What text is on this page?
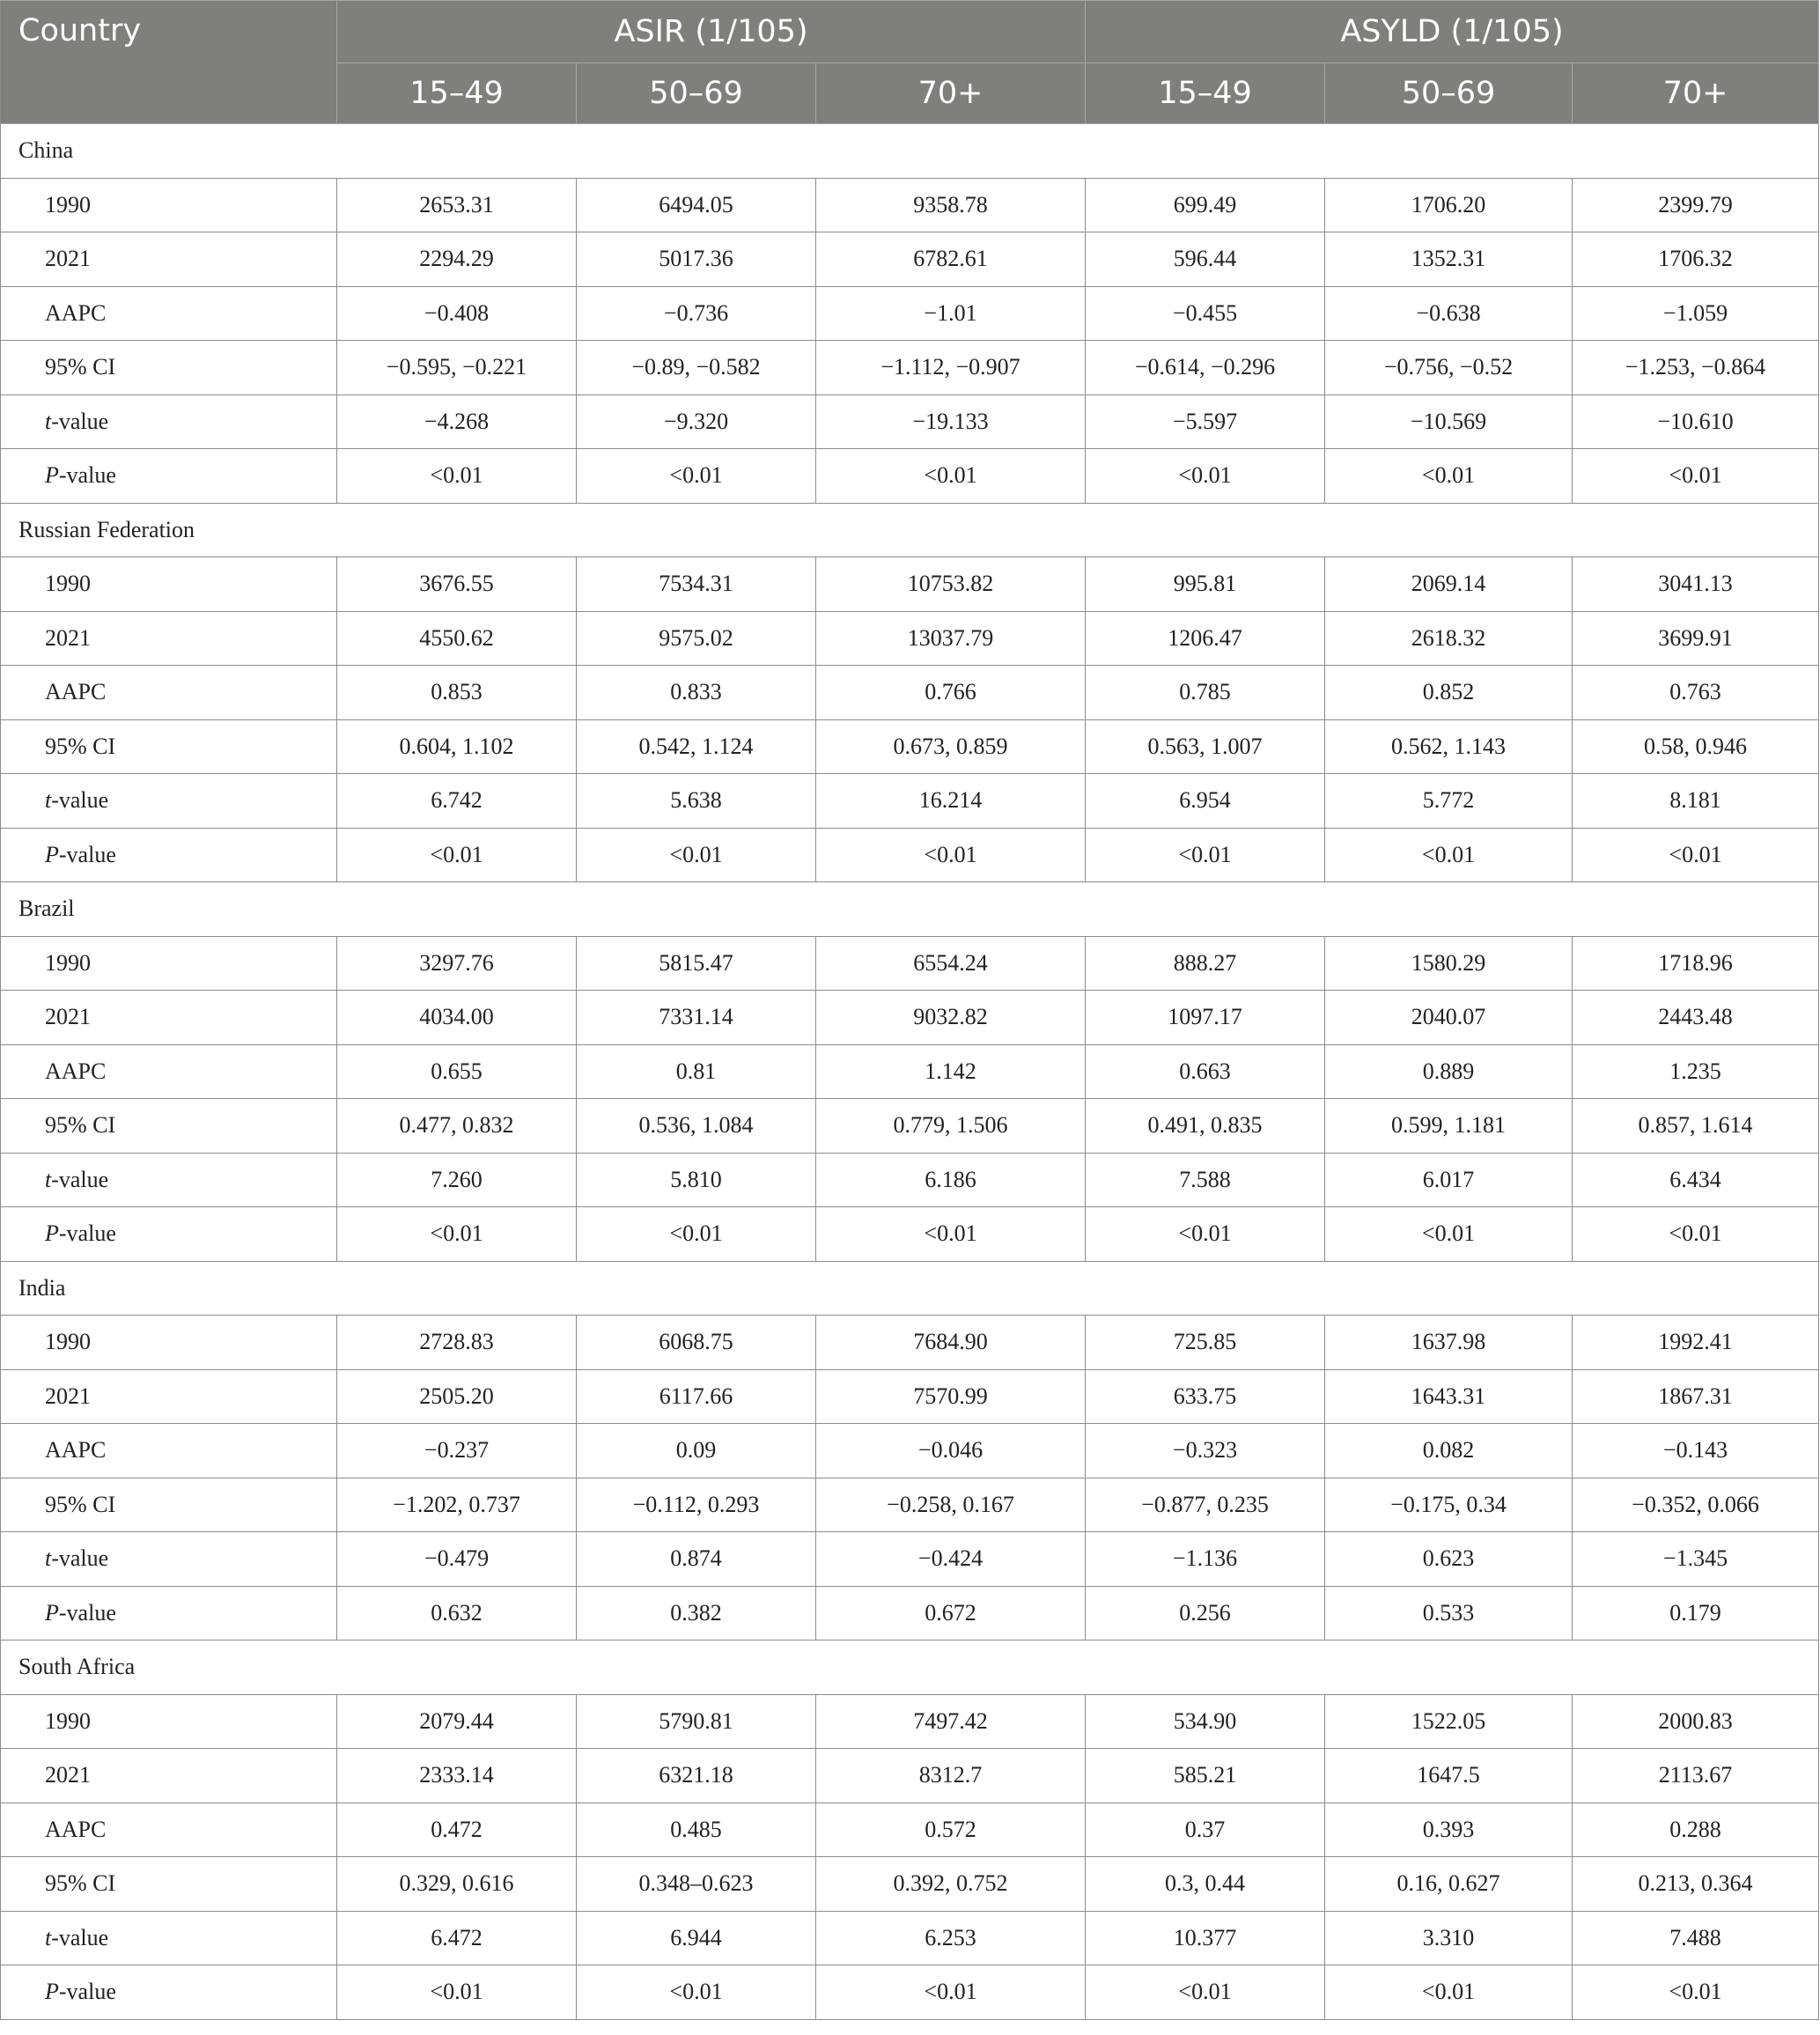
Country	ASIR (1/105)			ASYLD (1/105)		
	15–49	50–69	70+	15–49	50–69	70+
China						
1990	2653.31	6494.05	9358.78	699.49	1706.20	2399.79
2021	2294.29	5017.36	6782.61	596.44	1352.31	1706.32
AAPC	−0.408	−0.736	−1.01	−0.455	−0.638	−1.059
95% CI	−0.595, −0.221	−0.89, −0.582	−1.112, −0.907	−0.614, −0.296	−0.756, −0.52	−1.253, −0.864
t-value	−4.268	−9.320	−19.133	−5.597	−10.569	−10.610
P-value	<0.01	<0.01	<0.01	<0.01	<0.01	<0.01
Russian Federation						
1990	3676.55	7534.31	10753.82	995.81	2069.14	3041.13
2021	4550.62	9575.02	13037.79	1206.47	2618.32	3699.91
AAPC	0.853	0.833	0.766	0.785	0.852	0.763
95% CI	0.604, 1.102	0.542, 1.124	0.673, 0.859	0.563, 1.007	0.562, 1.143	0.58, 0.946
t-value	6.742	5.638	16.214	6.954	5.772	8.181
P-value	<0.01	<0.01	<0.01	<0.01	<0.01	<0.01
Brazil						
1990	3297.76	5815.47	6554.24	888.27	1580.29	1718.96
2021	4034.00	7331.14	9032.82	1097.17	2040.07	2443.48
AAPC	0.655	0.81	1.142	0.663	0.889	1.235
95% CI	0.477, 0.832	0.536, 1.084	0.779, 1.506	0.491, 0.835	0.599, 1.181	0.857, 1.614
t-value	7.260	5.810	6.186	7.588	6.017	6.434
P-value	<0.01	<0.01	<0.01	<0.01	<0.01	<0.01
India						
1990	2728.83	6068.75	7684.90	725.85	1637.98	1992.41
2021	2505.20	6117.66	7570.99	633.75	1643.31	1867.31
AAPC	−0.237	0.09	−0.046	−0.323	0.082	−0.143
95% CI	−1.202, 0.737	−0.112, 0.293	−0.258, 0.167	−0.877, 0.235	−0.175, 0.34	−0.352, 0.066
t-value	−0.479	0.874	−0.424	−1.136	0.623	−1.345
P-value	0.632	0.382	0.672	0.256	0.533	0.179
South Africa						
1990	2079.44	5790.81	7497.42	534.90	1522.05	2000.83
2021	2333.14	6321.18	8312.7	585.21	1647.5	2113.67
AAPC	0.472	0.485	0.572	0.37	0.393	0.288
95% CI	0.329, 0.616	0.348–0.623	0.392, 0.752	0.3, 0.44	0.16, 0.627	0.213, 0.364
t-value	6.472	6.944	6.253	10.377	3.310	7.488
P-value	<0.01	<0.01	<0.01	<0.01	<0.01	<0.01
